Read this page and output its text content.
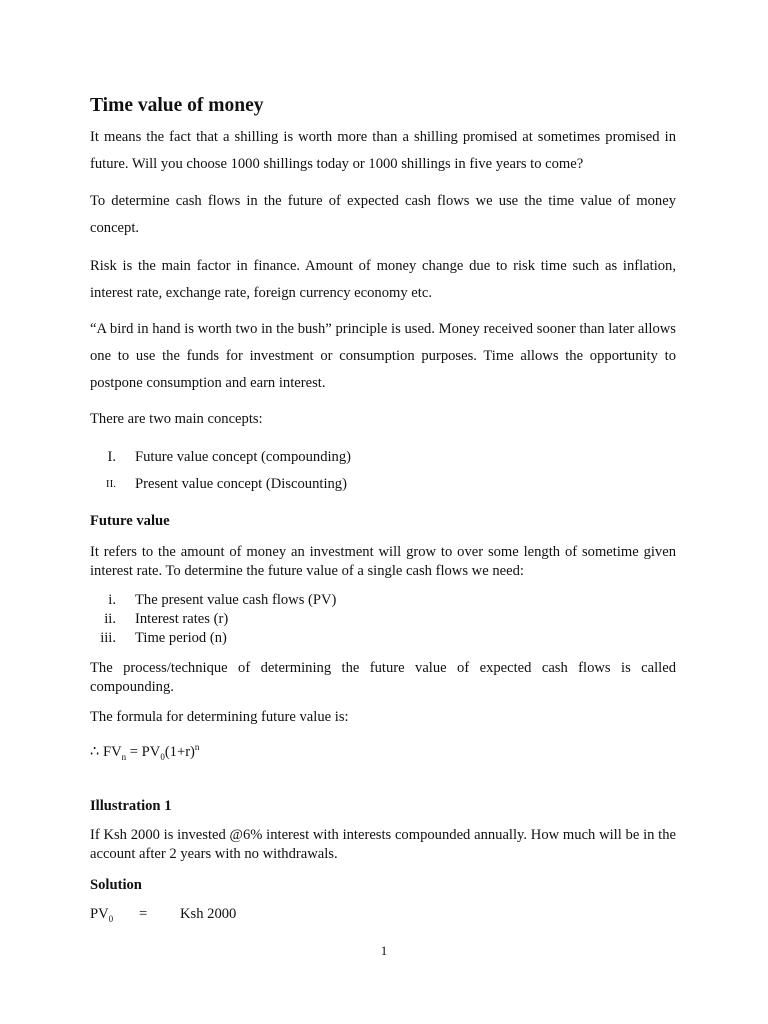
Time value of money

It means the fact that a shilling is worth more than a shilling promised at sometimes promised in future. Will you choose 1000 shillings today or 1000 shillings in five years to come?

To determine cash flows in the future of expected cash flows we use the time value of money concept.

Risk is the main factor in finance. Amount of money change due to risk time such as inflation, interest rate, exchange rate, foreign currency economy etc.

“A bird in hand is worth two in the bush” principle is used. Money received sooner than later allows one to use the funds for investment or consumption purposes. Time allows the opportunity to postpone consumption and earn interest.

There are two main concepts:

I. Future value concept (compounding)
II. Present value concept (Discounting)

Future value

It refers to the amount of money an investment will grow to over some length of sometime given interest rate. To determine the future value of a single cash flows we need:

i. The present value cash flows (PV)
ii. Interest rates (r)
iii. Time period (n)

The process/technique of determining the future value of expected cash flows is called compounding.

The formula for determining future value is:

∴ $FV_n = PV_0(1+r)^n$

Illustration 1

If Ksh 2000 is invested @6% interest with interests compounded annually. How much will be in the account after 2 years with no withdrawals.

Solution

$PV_0$ = Ksh 2000
1
